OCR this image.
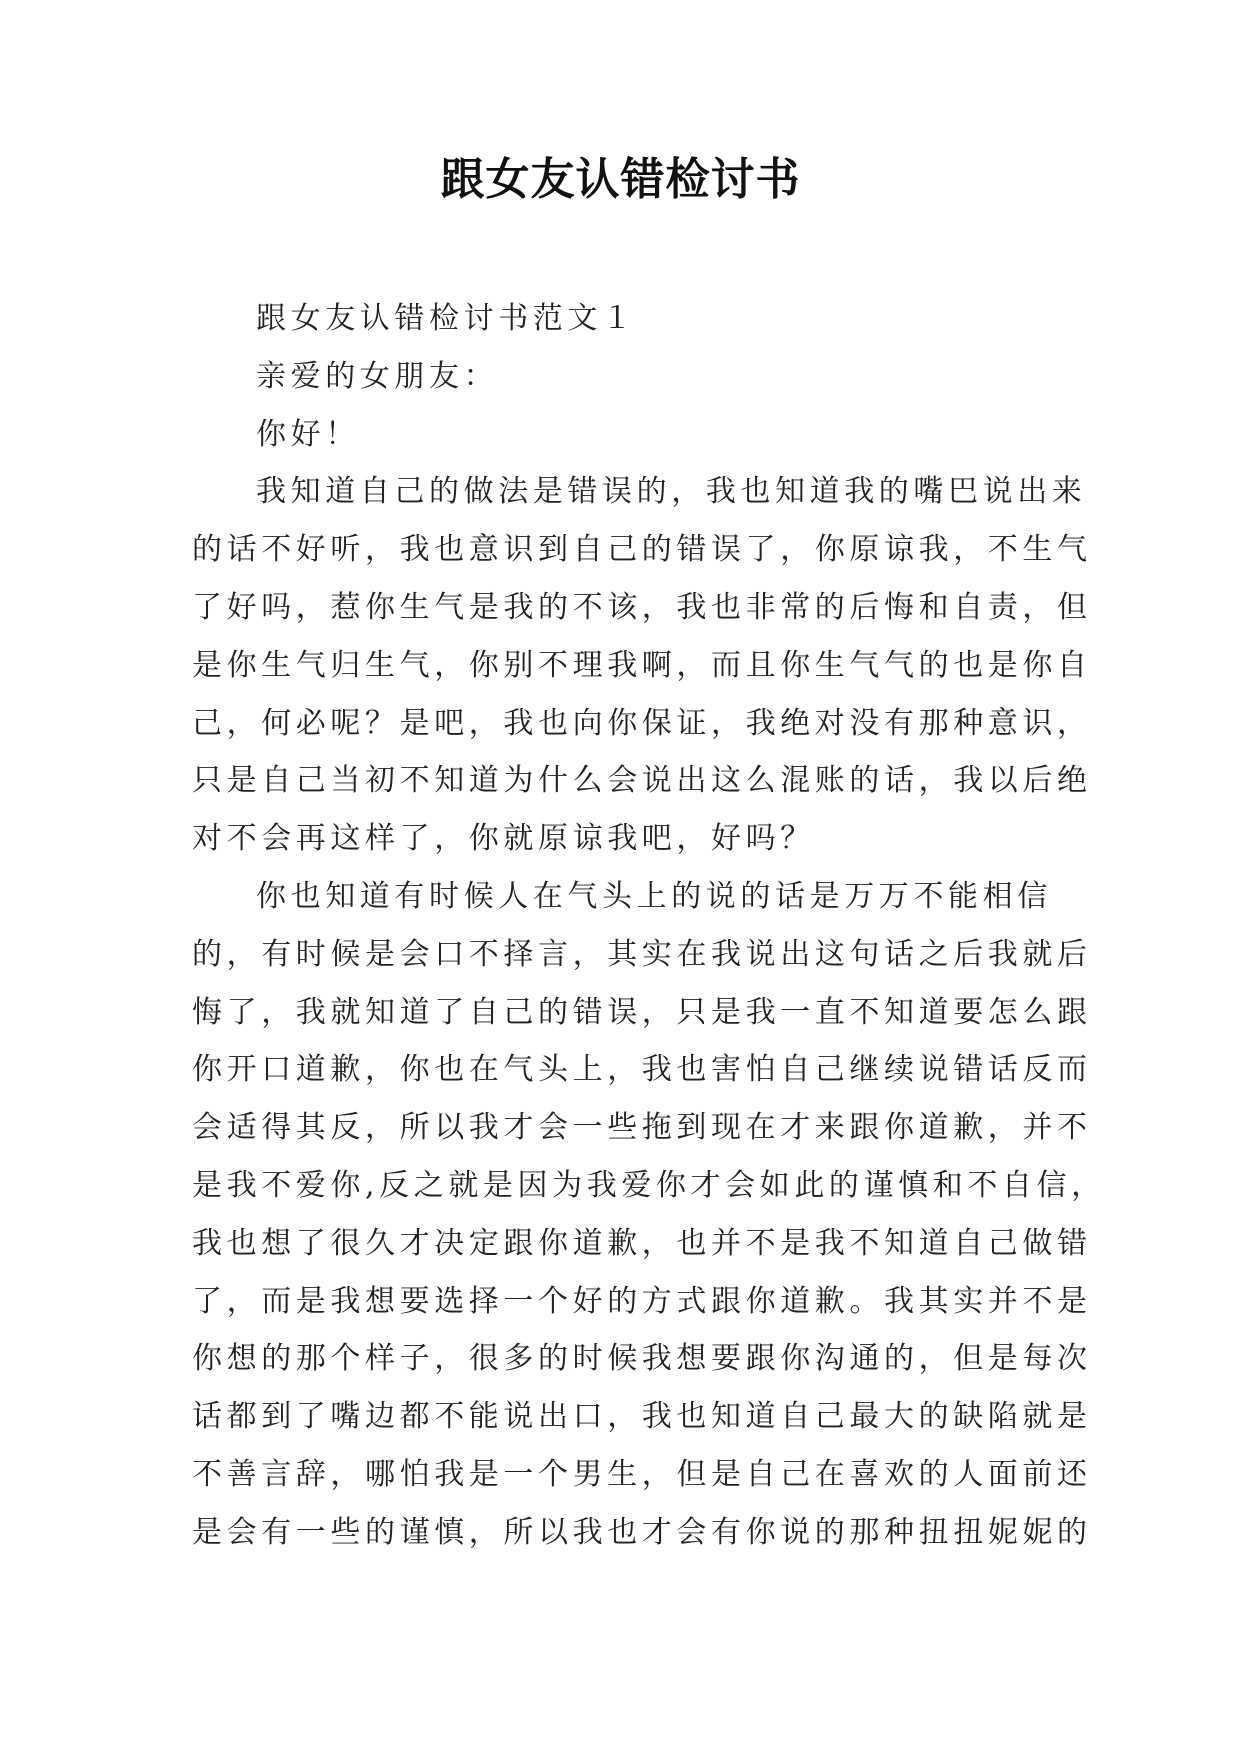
跟女友认错检讨书
跟女友认错检讨书范文１
亲爱的女朋友：
你好！
我知道自己的做法是错误的，我也知道我的嘴巴说出来
的话不好听，我也意识到自己的错误了，你原谅我，不生气
了好吗，惹你生气是我的不该，我也非常的后悔和自责，但
是你生气归生气，你别不理我啊，而且你生气气的也是你自
己，何必呢？是吧，我也向你保证，我绝对没有那种意识，
只是自己当初不知道为什么会说出这么混账的话，我以后绝
对不会再这样了，你就原谅我吧，好吗？
你也知道有时候人在气头上的说的话是万万不能相信
的，有时候是会口不择言，其实在我说出这句话之后我就后
悔了，我就知道了自己的错误，只是我一直不知道要怎么跟
你开口道歉，你也在气头上，我也害怕自己继续说错话反而
会适得其反，所以我才会一些拖到现在才来跟你道歉，并不
是我不爱你,反之就是因为我爱你才会如此的谨慎和不自信，
我也想了很久才决定跟你道歉，也并不是我不知道自己做错
了，而是我想要选择一个好的方式跟你道歉。我其实并不是
你想的那个样子，很多的时候我想要跟你沟通的，但是每次
话都到了嘴边都不能说出口，我也知道自己最大的缺陷就是
不善言辞，哪怕我是一个男生，但是自己在喜欢的人面前还
是会有一些的谨慎，所以我也才会有你说的那种扭扭妮妮的
